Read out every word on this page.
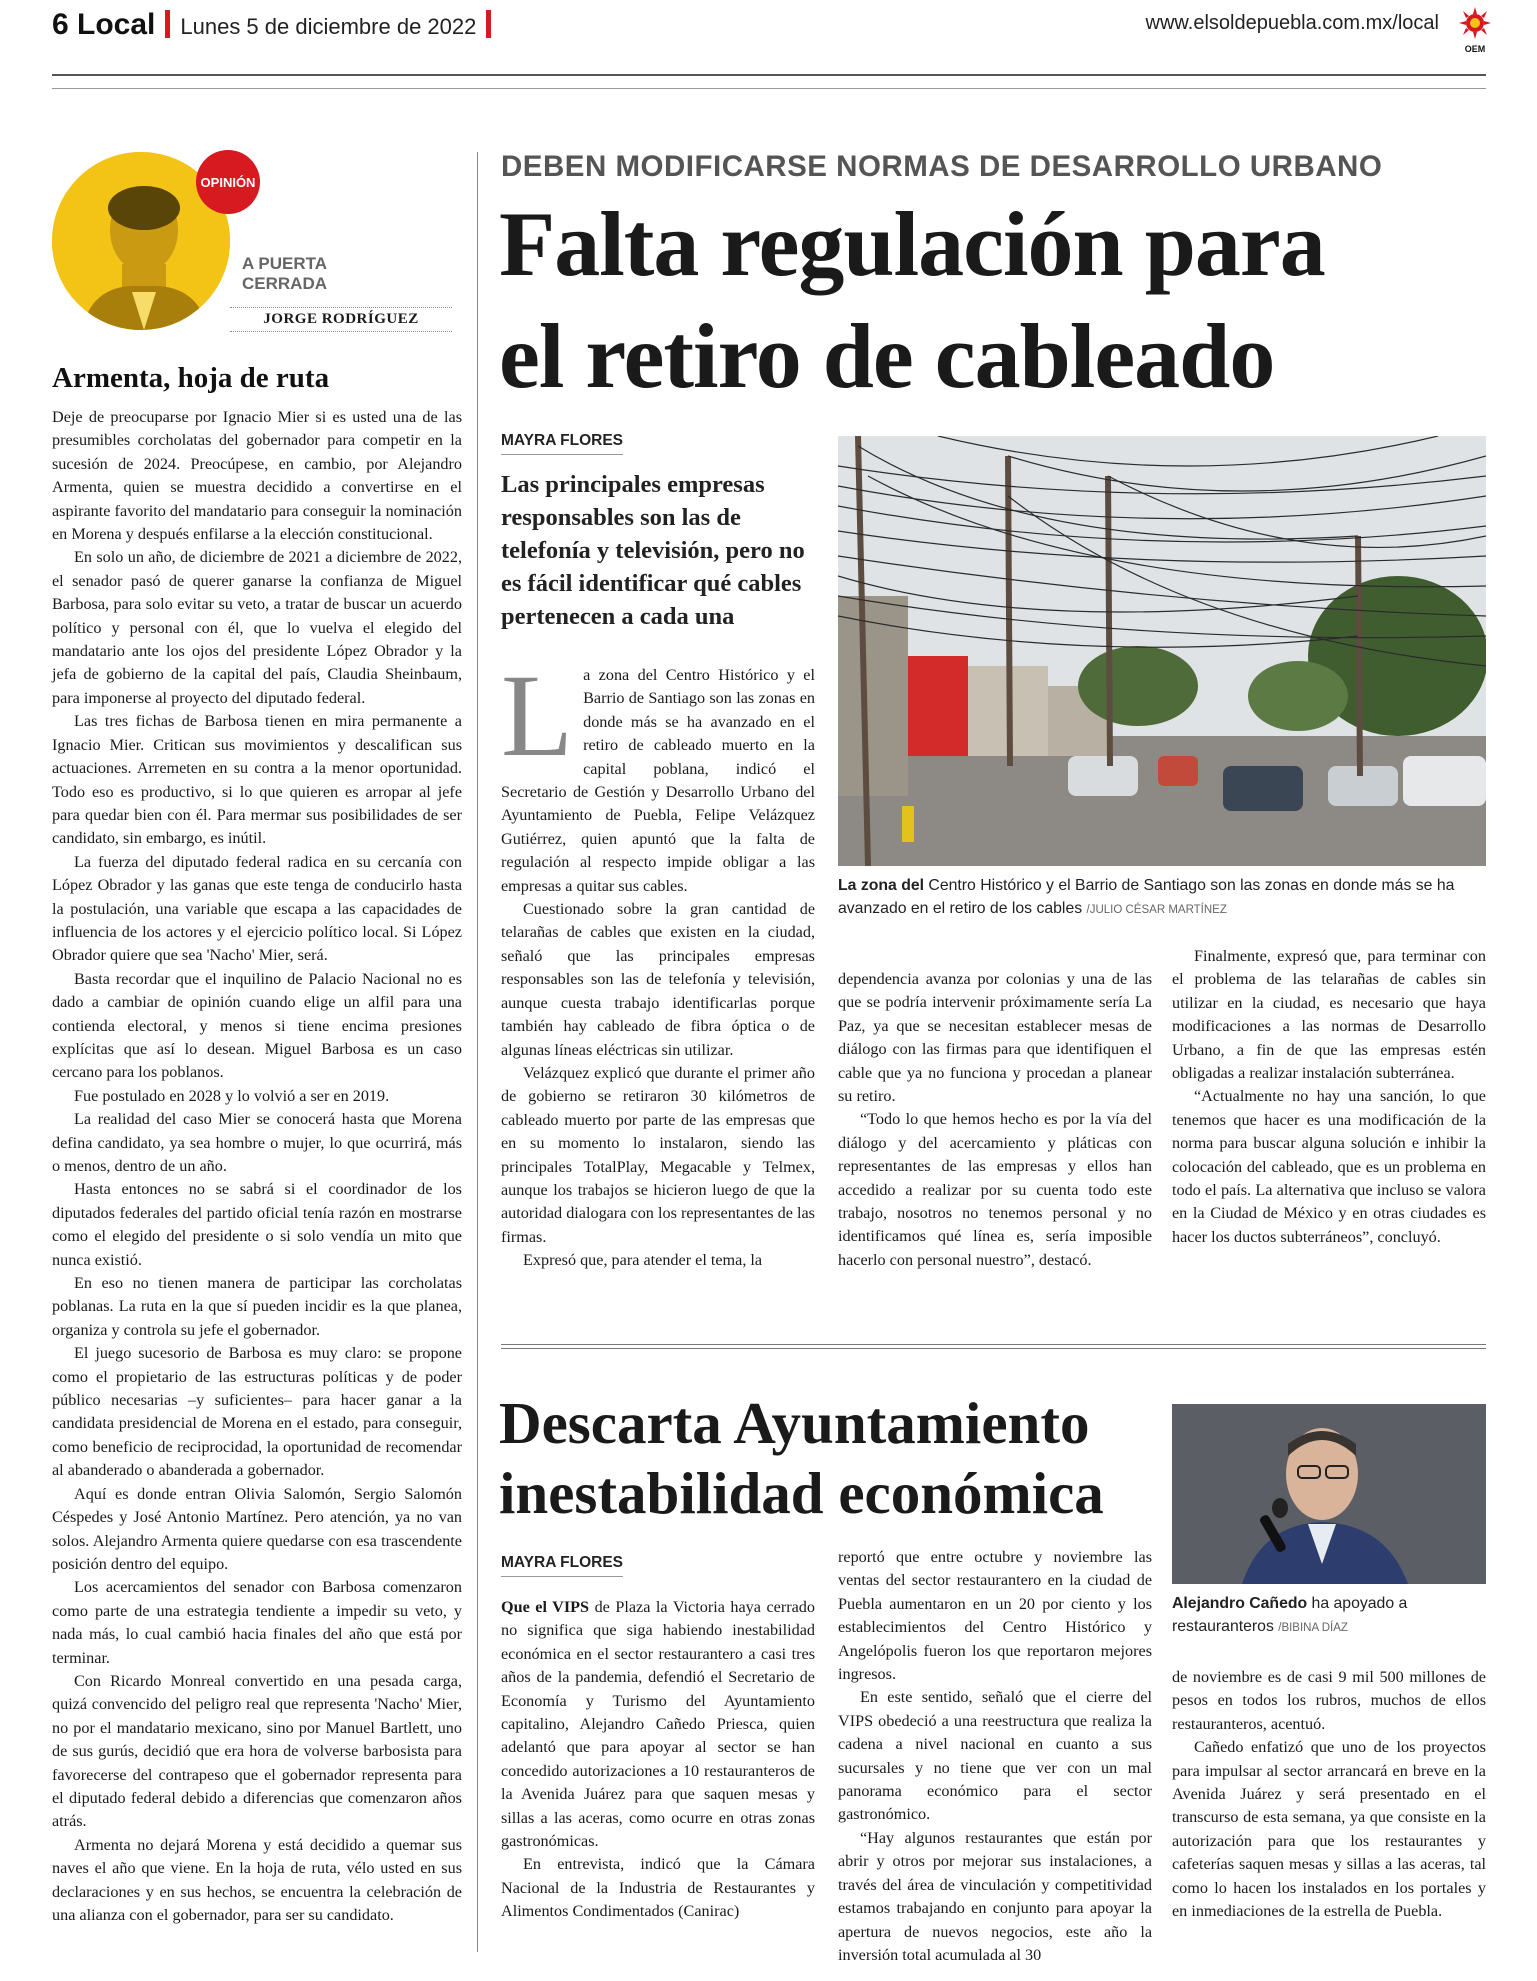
6 Local Lunes 5 de diciembre de 2022	www.elsoldepuebla.com.mx/local
OEM
OPINIÓN
A PUERTA
CERRADA
JORGE RODRÍGUEZ
Armenta, hoja de ruta

Deje de preocuparse por Ignacio Mier si es usted una de las presumibles corcholatas del gobernador para competir en la sucesión de 2024. Preocúpese, en cambio, por Alejandro Armenta, quien se muestra decidido a convertirse en el aspirante favorito del mandatario para conseguir la nominación en Morena y después enfilarse a la elección constitucional.

En solo un año, de diciembre de 2021 a diciembre de 2022, el senador pasó de querer ganarse la confianza de Miguel Barbosa, para solo evitar su veto, a tratar de buscar un acuerdo político y personal con él, que lo vuelva el elegido del mandatario ante los ojos del presidente López Obrador y la jefa de gobierno de la capital del país, Claudia Sheinbaum, para imponerse al proyecto del diputado federal.

Las tres fichas de Barbosa tienen en mira permanente a Ignacio Mier. Critican sus movimientos y descalifican sus actuaciones. Arremeten en su contra a la menor oportunidad. Todo eso es productivo, si lo que quieren es arropar al jefe para quedar bien con él. Para mermar sus posibilidades de ser candidato, sin embargo, es inútil.

La fuerza del diputado federal radica en su cercanía con López Obrador y las ganas que este tenga de conducirlo hasta la postulación, una variable que escapa a las capacidades de influencia de los actores y el ejercicio político local. Si López Obrador quiere que sea 'Nacho' Mier, será.

Basta recordar que el inquilino de Palacio Nacional no es dado a cambiar de opinión cuando elige un alfil para una contienda electoral, y menos si tiene encima presiones explícitas que así lo desean. Miguel Barbosa es un caso cercano para los poblanos.

Fue postulado en 2028 y lo volvió a ser en 2019.

La realidad del caso Mier se conocerá hasta que Morena defina candidato, ya sea hombre o mujer, lo que ocurrirá, más o menos, dentro de un año.

Hasta entonces no se sabrá si el coordinador de los diputados federales del partido oficial tenía razón en mostrarse como el elegido del presidente o si solo vendía un mito que nunca existió.

En eso no tienen manera de participar las corcholatas poblanas. La ruta en la que sí pueden incidir es la que planea, organiza y controla su jefe el gobernador.

El juego sucesorio de Barbosa es muy claro: se propone como el propietario de las estructuras políticas y de poder público necesarias –y suficientes– para hacer ganar a la candidata presidencial de Morena en el estado, para conseguir, como beneficio de reciprocidad, la oportunidad de recomendar al abanderado o abanderada a gobernador.

Aquí es donde entran Olivia Salomón, Sergio Salomón Céspedes y José Antonio Martínez. Pero atención, ya no van solos. Alejandro Armenta quiere quedarse con esa trascendente posición dentro del equipo.

Los acercamientos del senador con Barbosa comenzaron como parte de una estrategia tendiente a impedir su veto, y nada más, lo cual cambió hacia finales del año que está por terminar.

Con Ricardo Monreal convertido en una pesada carga, quizá convencido del peligro real que representa 'Nacho' Mier, no por el mandatario mexicano, sino por Manuel Bartlett, uno de sus gurús, decidió que era hora de volverse barbosista para favorecerse del contrapeso que el gobernador representa para el diputado federal debido a diferencias que comenzaron años atrás.

Armenta no dejará Morena y está decidido a quemar sus naves el año que viene. En la hoja de ruta, vélo usted en sus declaraciones y en sus hechos, se encuentra la celebración de una alianza con el gobernador, para ser su candidato.

DEBEN MODIFICARSE NORMAS DE DESARROLLO URBANO
Falta regulación para
el retiro de cableado
MAYRA FLORES
Las principales empresas responsables son las de telefonía y televisión, pero no es fácil identificar qué cables pertenecen a cada una
La zona del Centro Histórico y el Barrio de Santiago son las zonas en donde más se ha avanzado en el retiro de los cables /JULIO CÉSAR MARTÍNEZ

La zona del Centro Histórico y el Barrio de Santiago son las zonas en donde más se ha avanzado en el retiro de cableado muerto en la capital poblana, indicó el Secretario de Gestión y Desarrollo Urbano del Ayuntamiento de Puebla, Felipe Velázquez Gutiérrez, quien apuntó que la falta de regulación al respecto impide obligar a las empresas a quitar sus cables.

Cuestionado sobre la gran cantidad de telarañas de cables que existen en la ciudad, señaló que las principales empresas responsables son las de telefonía y televisión, aunque cuesta trabajo identificarlas porque también hay cableado de fibra óptica o de algunas líneas eléctricas sin utilizar.

Velázquez explicó que durante el primer año de gobierno se retiraron 30 kilómetros de cableado muerto por parte de las empresas que en su momento lo instalaron, siendo las principales TotalPlay, Megacable y Telmex, aunque los trabajos se hicieron luego de que la autoridad dialogara con los representantes de las firmas.

Expresó que, para atender el tema, la

dependencia avanza por colonias y una de las que se podría intervenir próximamente sería La Paz, ya que se necesitan establecer mesas de diálogo con las firmas para que identifiquen el cable que ya no funciona y procedan a planear su retiro.

“Todo lo que hemos hecho es por la vía del diálogo y del acercamiento y pláticas con representantes de las empresas y ellos han accedido a realizar por su cuenta todo este trabajo, nosotros no tenemos personal y no identificamos qué línea es, sería imposible hacerlo con personal nuestro”, destacó.

Finalmente, expresó que, para terminar con el problema de las telarañas de cables sin utilizar en la ciudad, es necesario que haya modificaciones a las normas de Desarrollo Urbano, a fin de que las empresas estén obligadas a realizar instalación subterránea.

“Actualmente no hay una sanción, lo que tenemos que hacer es una modificación de la norma para buscar alguna solución e inhibir la colocación del cableado, que es un problema en todo el país. La alternativa que incluso se valora en la Ciudad de México y en otras ciudades es hacer los ductos subterráneos”, concluyó.

Descarta Ayuntamiento
inestabilidad económica
MAYRA FLORES
Alejandro Cañedo ha apoyado a restauranteros /BIBINA DÍAZ

Que el VIPS de Plaza la Victoria haya cerrado no significa que siga habiendo inestabilidad económica en el sector restaurantero a casi tres años de la pandemia, defendió el Secretario de Economía y Turismo del Ayuntamiento capitalino, Alejandro Cañedo Priesca, quien adelantó que para apoyar al sector se han concedido autorizaciones a 10 restauranteros de la Avenida Juárez para que saquen mesas y sillas a las aceras, como ocurre en otras zonas gastronómicas.

En entrevista, indicó que la Cámara Nacional de la Industria de Restaurantes y Alimentos Condimentados (Canirac)

reportó que entre octubre y noviembre las ventas del sector restaurantero en la ciudad de Puebla aumentaron en un 20 por ciento y los establecimientos del Centro Histórico y Angelópolis fueron los que reportaron mejores ingresos.

En este sentido, señaló que el cierre del VIPS obedeció a una reestructura que realiza la cadena a nivel nacional en cuanto a sus sucursales y no tiene que ver con un mal panorama económico para el sector gastronómico.

“Hay algunos restaurantes que están por abrir y otros por mejorar sus instalaciones, a través del área de vinculación y competitividad estamos trabajando en conjunto para apoyar la apertura de nuevos negocios, este año la inversión total acumulada al 30

de noviembre es de casi 9 mil 500 millones de pesos en todos los rubros, muchos de ellos restauranteros, acentuó.

Cañedo enfatizó que uno de los proyectos para impulsar al sector arrancará en breve en la Avenida Juárez y será presentado en el transcurso de esta semana, ya que consiste en la autorización para que los restaurantes y cafeterías saquen mesas y sillas a las aceras, tal como lo hacen los instalados en los portales y en inmediaciones de la estrella de Puebla.
